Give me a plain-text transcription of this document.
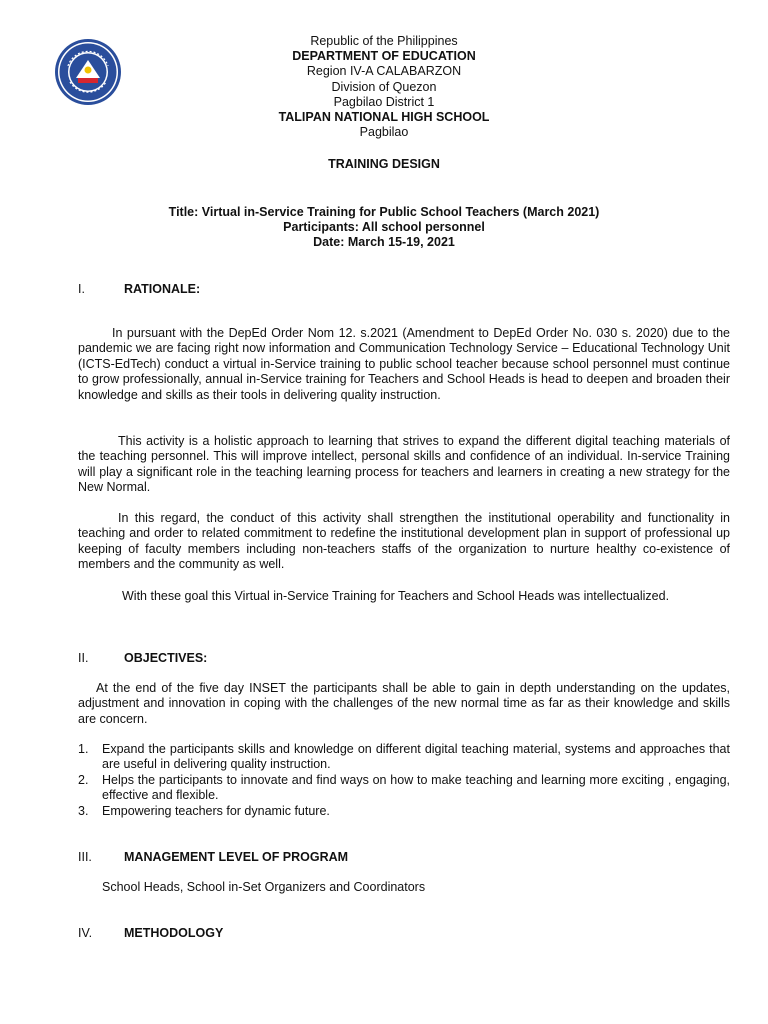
Republic of the Philippines
DEPARTMENT OF EDUCATION
Region IV-A CALABARZON
Division of Quezon
Pagbilao District 1
TALIPAN NATIONAL HIGH SCHOOL
Pagbilao
TRAINING DESIGN
Title: Virtual in-Service Training for Public School Teachers (March 2021)
Participants: All school personnel
Date: March 15-19, 2021
I.	RATIONALE:

In pursuant with the DepEd Order Nom 12. s.2021 (Amendment to DepEd Order No. 030 s. 2020) due to the pandemic we are facing right now information and Communication Technology Service – Educational Technology Unit (ICTS-EdTech) conduct a virtual in-Service training to public school teacher because school personnel must continue to grow professionally, annual in-Service training for Teachers and School Heads is head to deepen and broaden their knowledge and skills as their tools in delivering quality instruction.

This activity is a holistic approach to learning that strives to expand the different digital teaching materials of the teaching personnel. This will improve intellect, personal skills and confidence of an individual. In-service Training will play a significant role in the teaching learning process for teachers and learners in creating a new strategy for the New Normal.

In this regard, the conduct of this activity shall strengthen the institutional operability and functionality in teaching and order to related commitment to redefine the institutional development plan in support of professional up keeping of faculty members including non-teachers staffs of the organization to nurture healthy co-existence of members and the community as well.

With these goal this Virtual in-Service Training for Teachers and School Heads was intellectualized.

II.	OBJECTIVES:

At the end of the five day INSET the participants shall be able to gain in depth understanding on the updates, adjustment and innovation in coping with the challenges of the new normal time as far as their knowledge and skills are concern.

1. Expand the participants skills and knowledge on different digital teaching material, systems and approaches that are useful in delivering quality instruction.
2. Helps the participants to innovate and find ways on how to make teaching and learning more exciting , engaging, effective and flexible.
3. Empowering teachers for dynamic future.
III.	MANAGEMENT LEVEL OF PROGRAM
School Heads, School in-Set Organizers and Coordinators
IV.	METHODOLOGY
